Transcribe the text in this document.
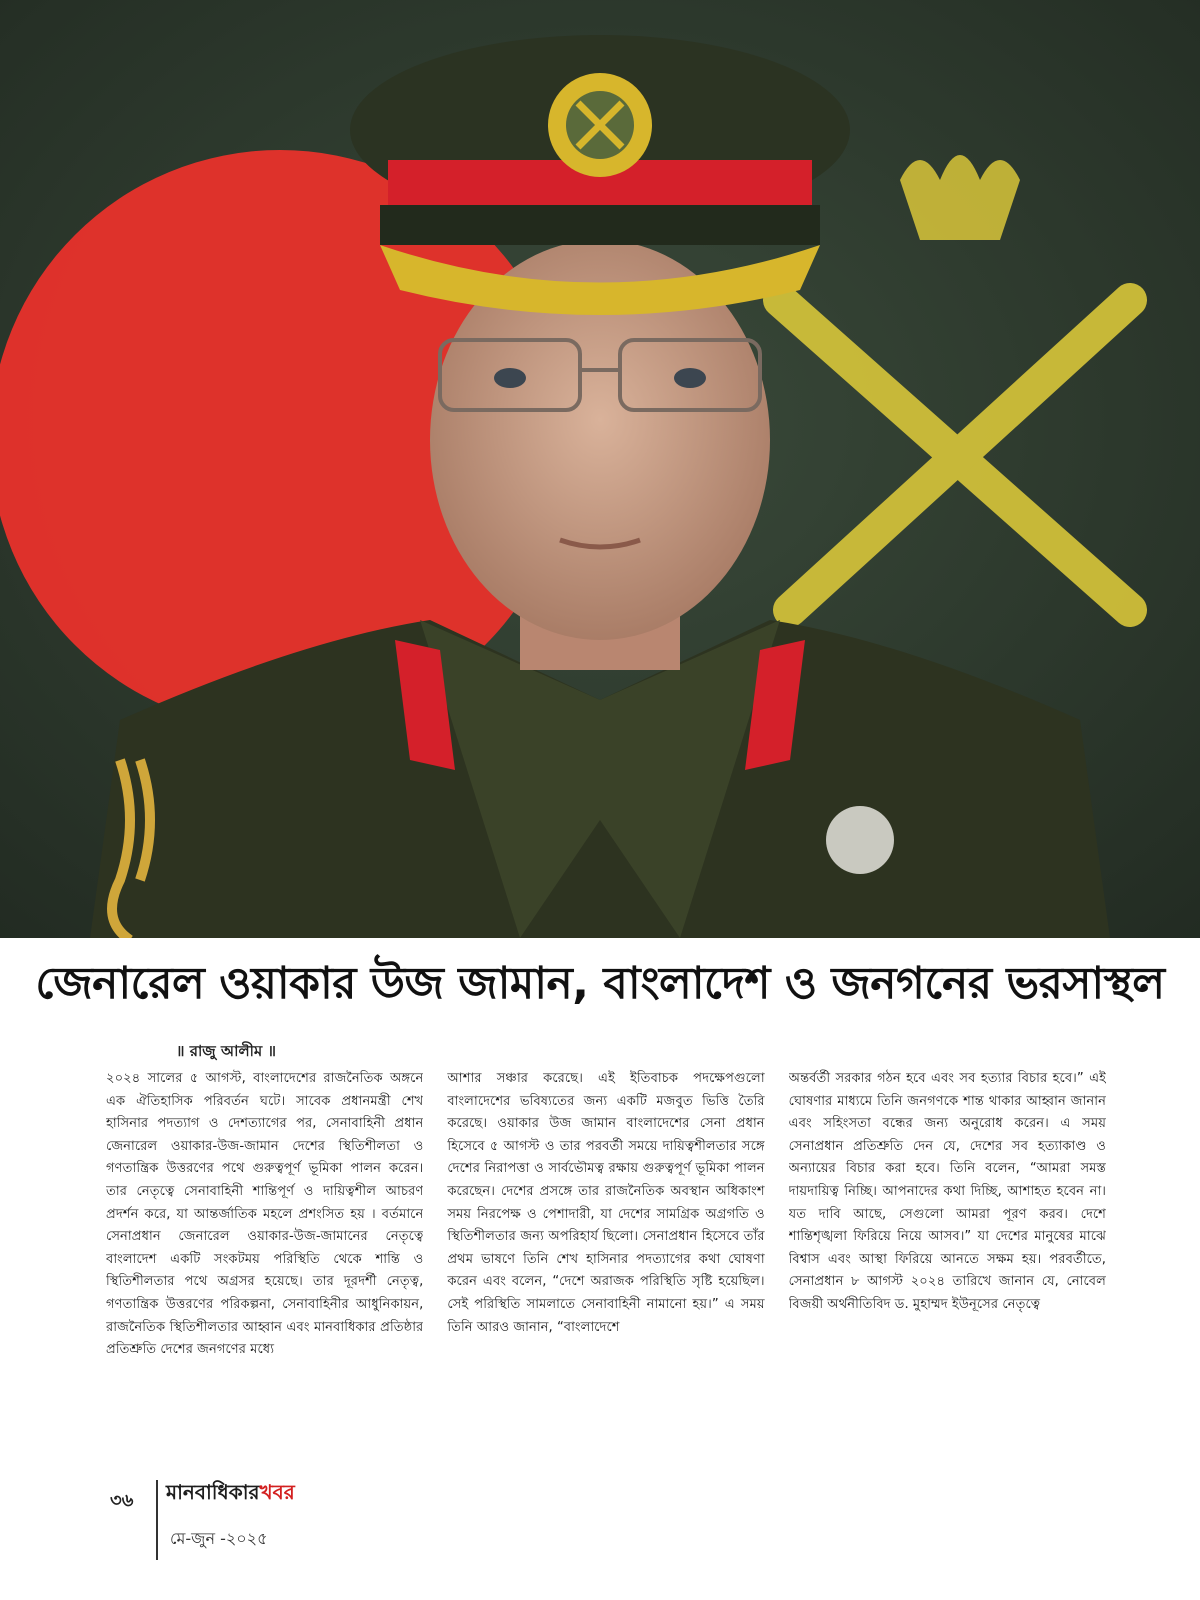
জেনারেল ওয়াকার উজ জামান, বাংলাদেশ ও জনগনের ভরসাস্থল
॥ রাজু আলীম ॥

২০২৪ সালের ৫ আগস্ট, বাংলাদেশের রাজনৈতিক অঙ্গনে এক ঐতিহাসিক পরিবর্তন ঘটে। সাবেক প্রধানমন্ত্রী শেখ হাসিনার পদত্যাগ ও দেশত্যাগের পর, সেনাবাহিনী প্রধান জেনারেল ওয়াকার-উজ-জামান দেশের স্থিতিশীলতা ও গণতান্ত্রিক উত্তরণের পথে গুরুত্বপূর্ণ ভূমিকা পালন করেন। তার নেতৃত্বে সেনাবাহিনী শান্তিপূর্ণ ও দায়িত্বশীল আচরণ প্রদর্শন করে, যা আন্তর্জাতিক মহলে প্রশংসিত হয় । বর্তমানে সেনাপ্রধান জেনারেল ওয়াকার-উজ-জামানের নেতৃত্বে বাংলাদেশ একটি সংকটময় পরিস্থিতি থেকে শান্তি ও স্থিতিশীলতার পথে অগ্রসর হয়েছে। তার দূরদর্শী নেতৃত্ব, গণতান্ত্রিক উত্তরণের পরিকল্পনা, সেনাবাহিনীর আধুনিকায়ন, রাজনৈতিক স্থিতিশীলতার আহ্বান এবং মানবাধিকার প্রতিষ্ঠার প্রতিশ্রুতি দেশের জনগণের মধ্যে

আশার সঞ্চার করেছে। এই ইতিবাচক পদক্ষেপগুলো বাংলাদেশের ভবিষ্যতের জন্য একটি মজবুত ভিত্তি তৈরি করেছে। ওয়াকার উজ জামান বাংলাদেশের সেনা প্রধান হিসেবে ৫ আগস্ট ও তার পরবর্তী সময়ে দায়িত্বশীলতার সঙ্গে দেশের নিরাপত্তা ও সার্বভৌমত্ব রক্ষায় গুরুত্বপূর্ণ ভূমিকা পালন করেছেন। দেশের প্রসঙ্গে তার রাজনৈতিক অবস্থান অধিকাংশ সময় নিরপেক্ষ ও পেশাদারী, যা দেশের সামগ্রিক অগ্রগতি ও স্থিতিশীলতার জন্য অপরিহার্য ছিলো। সেনাপ্রধান হিসেবে তাঁর প্রথম ভাষণে তিনি শেখ হাসিনার পদত্যাগের কথা ঘোষণা করেন এবং বলেন, “দেশে অরাজক পরিস্থিতি সৃষ্টি হয়েছিল। সেই পরিস্থিতি সামলাতে সেনাবাহিনী নামানো হয়।” এ সময় তিনি আরও জানান, “বাংলাদেশে

অন্তর্বর্তী সরকার গঠন হবে এবং সব হত্যার বিচার হবে।” এই ঘোষণার মাধ্যমে তিনি জনগণকে শান্ত থাকার আহ্বান জানান এবং সহিংসতা বন্ধের জন্য অনুরোধ করেন। এ সময় সেনাপ্রধান প্রতিশ্রুতি দেন যে, দেশের সব হত্যাকাণ্ড ও অন্যায়ের বিচার করা হবে। তিনি বলেন, “আমরা সমস্ত দায়দায়িত্ব নিচ্ছি। আপনাদের কথা দিচ্ছি, আশাহত হবেন না। যত দাবি আছে, সেগুলো আমরা পূরণ করব। দেশে শান্তিশৃঙ্খলা ফিরিয়ে নিয়ে আসব।” যা দেশের মানুষের মাঝে বিশ্বাস এবং আস্থা ফিরিয়ে আনতে সক্ষম হয়। পরবর্তীতে, সেনাপ্রধান ৮ আগস্ট ২০২৪ তারিখে জানান যে, নোবেল বিজয়ী অর্থনীতিবিদ ড. মুহাম্মদ ইউনূসের নেতৃত্বে

৩৬ মানবাধিকারখবর
মে-জুন -২০২৫
